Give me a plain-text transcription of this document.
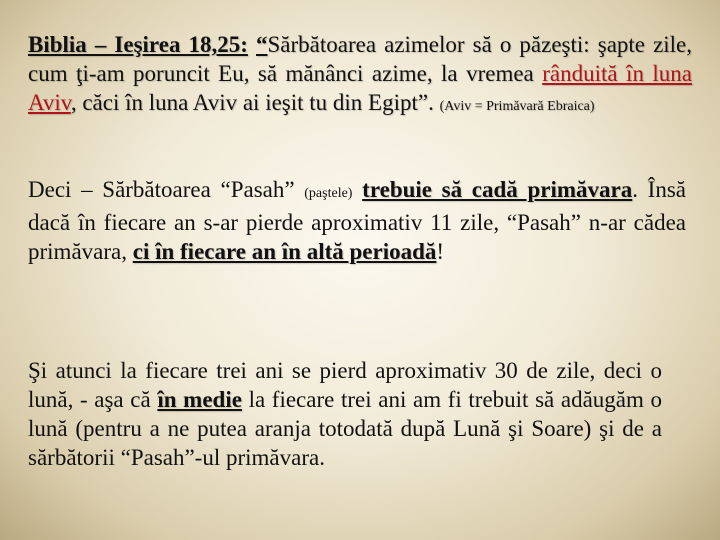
Biblia – Ieşirea 18,25: “Sărbătoarea azimelor să o păzeşti: şapte zile, cum ţi-am poruncit Eu, să mănânci azime, la vremea rânduită în luna Aviv, căci în luna Aviv ai ieşit tu din Egipt”. (Aviv = Primăvară Ebraica)
Deci – Sărbătoarea “Pasah” (paştele) trebuie să cadă primăvara. Însă dacă în fiecare an s-ar pierde aproximativ 11 zile, “Pasah” n-ar cădea primăvara, ci în fiecare an în altă perioadă!
Şi atunci la fiecare trei ani se pierd aproximativ 30 de zile, deci o lună, - aşa că în medie la fiecare trei ani am fi trebuit să adăugăm o lună (pentru a ne putea aranja totodată după Lună şi Soare) şi de a sărbătorii “Pasah”-ul primăvara.
